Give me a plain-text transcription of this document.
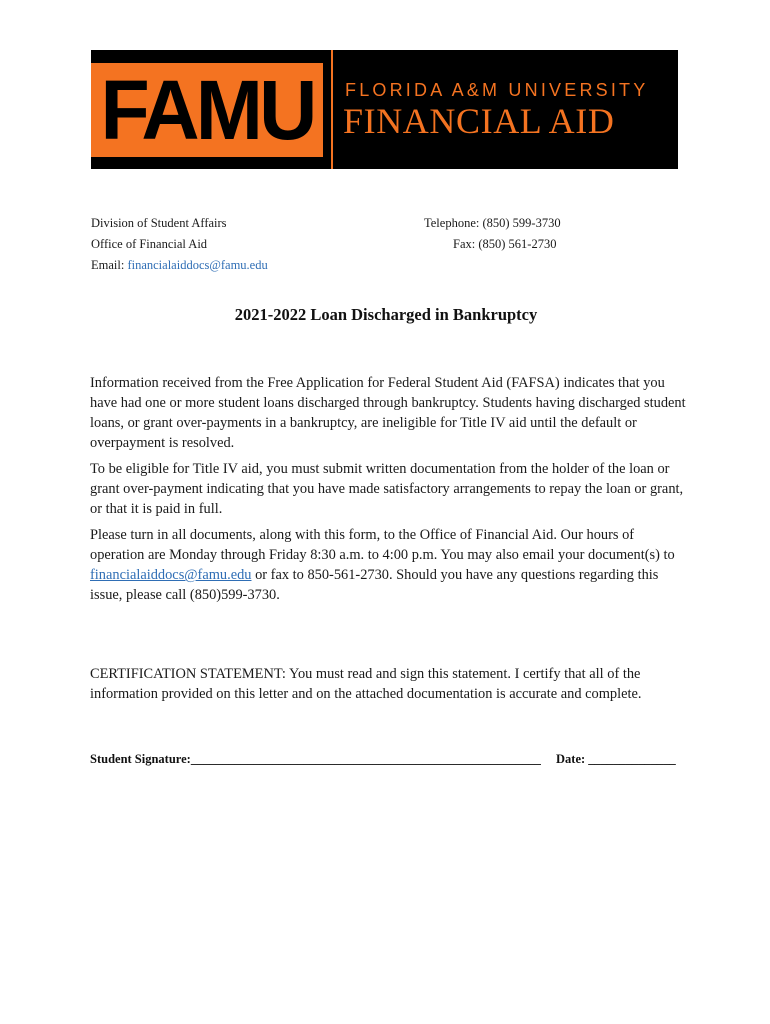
FAMU FLORIDA A&M UNIVERSITY
FINANCIAL AID
Division of Student Affairs
Office of Financial Aid
Email: financialaiddocs@famu.edu
Telephone: (850) 599-3730
Fax: (850) 561-2730
2021-2022 Loan Discharged in Bankruptcy

Information received from the Free Application for Federal Student Aid (FAFSA) indicates that you have had one or more student loans discharged through bankruptcy. Students having discharged student loans, or grant over-payments in a bankruptcy, are ineligible for Title IV aid until the default or overpayment is resolved.

To be eligible for Title IV aid, you must submit written documentation from the holder of the loan or grant over-payment indicating that you have made satisfactory arrangements to repay the loan or grant, or that it is paid in full.

Please turn in all documents, along with this form, to the Office of Financial Aid. Our hours of operation are Monday through Friday 8:30 a.m. to 4:00 p.m. You may also email your document(s) to financialaiddocs@famu.edu or fax to 850-561-2730. Should you have any questions regarding this issue, please call (850)599-3730.

CERTIFICATION STATEMENT: You must read and sign this statement. I certify that all of the information provided on this letter and on the attached documentation is accurate and complete.

Student Signature:________________________________________________________ Date: ______________
